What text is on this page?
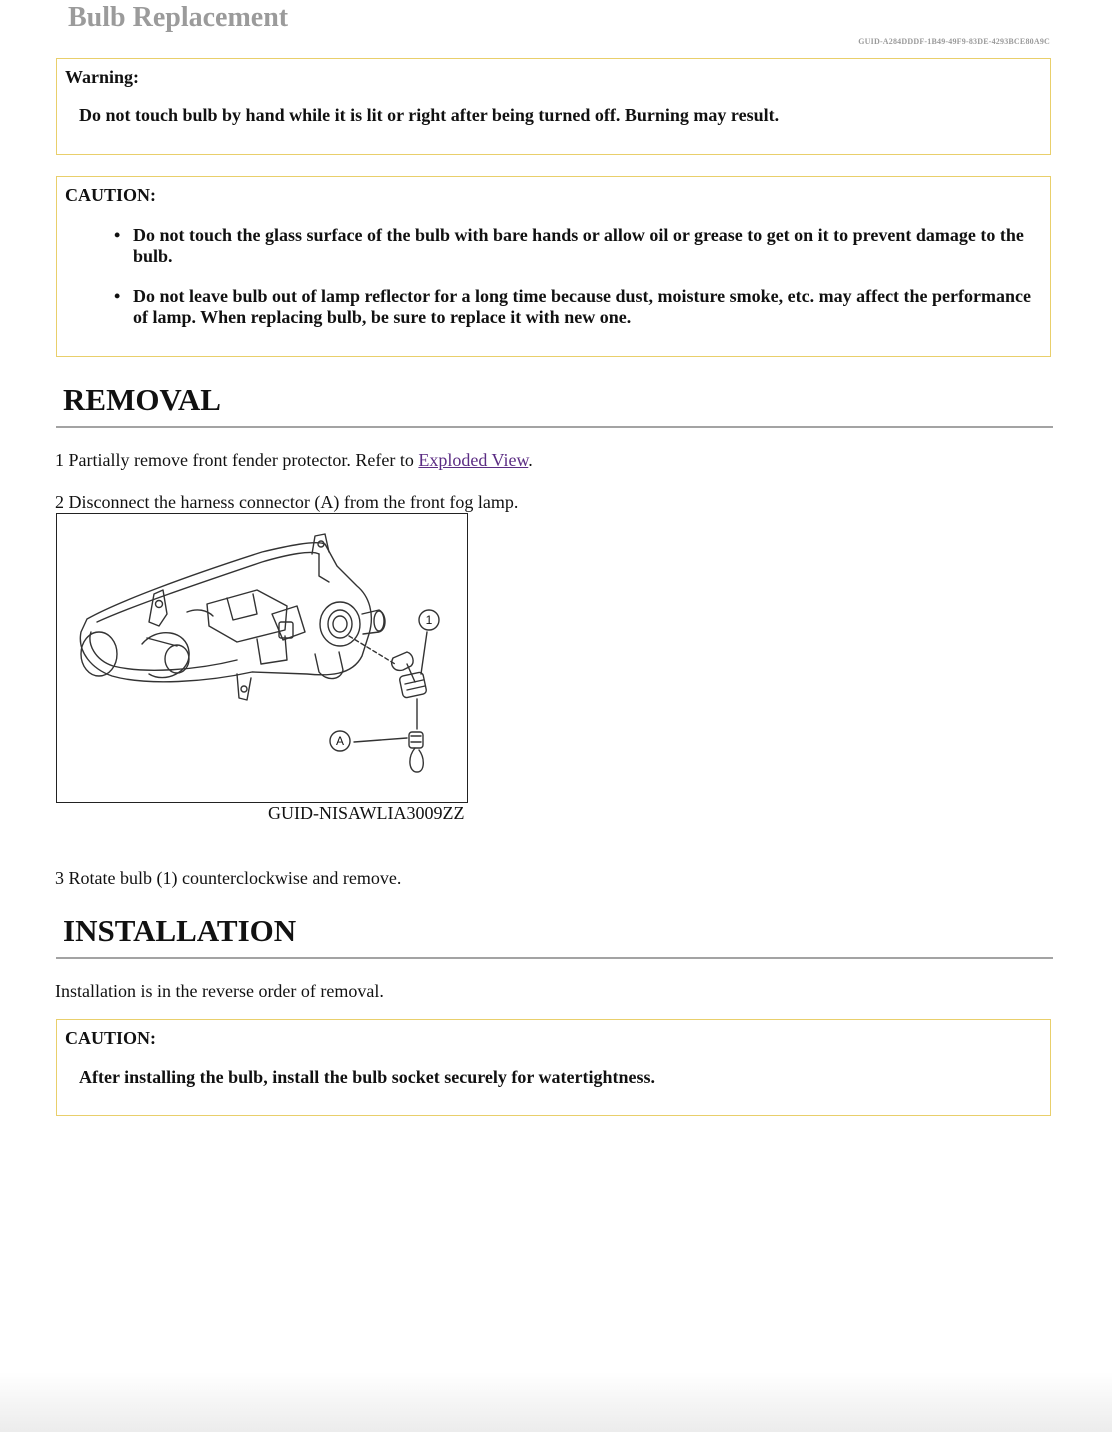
Bulb Replacement
GUID-A284DDDF-1B49-49F9-83DE-4293BCE80A9C
Warning:
Do not touch bulb by hand while it is lit or right after being turned off. Burning may result.
CAUTION:
• Do not touch the glass surface of the bulb with bare hands or allow oil or grease to get on it to prevent damage to the bulb.
• Do not leave bulb out of lamp reflector for a long time because dust, moisture smoke, etc. may affect the performance of lamp. When replacing bulb, be sure to replace it with new one.
REMOVAL
1 Partially remove front fender protector. Refer to Exploded View.
2 Disconnect the harness connector (A) from the front fog lamp.
1
A
GUID-NISAWLIA3009ZZ
3 Rotate bulb (1) counterclockwise and remove.
INSTALLATION
Installation is in the reverse order of removal.
CAUTION:
After installing the bulb, install the bulb socket securely for watertightness.
